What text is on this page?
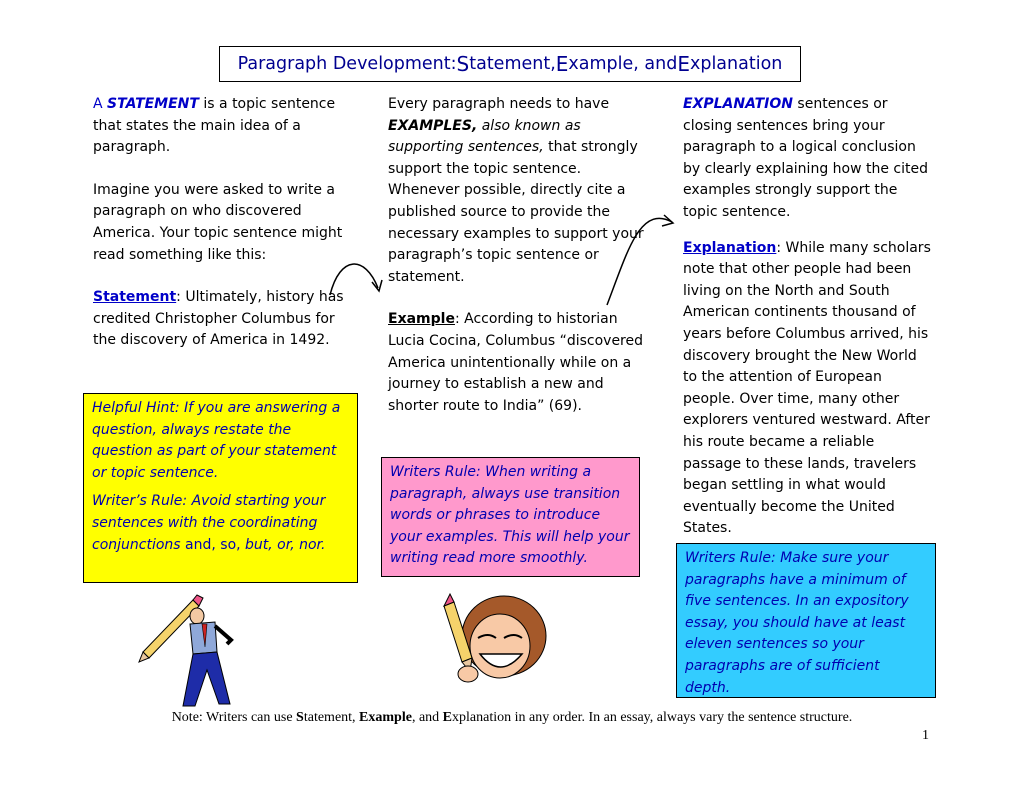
Paragraph Development: S tatement, E xample, and E xplanation

A STATEMENT is a topic sentence that states the main idea of a paragraph.

Imagine you were asked to write a paragraph on who discovered America. Your topic sentence might read something like this:

Statement: Ultimately, history has credited Christopher Columbus for the discovery of America in 1492.

Every paragraph needs to have EXAMPLES, also known as supporting sentences, that strongly support the topic sentence. Whenever possible, directly cite a published source to provide the necessary examples to support your paragraph’s topic sentence or statement.

Example: According to historian Lucia Cocina, Columbus “discovered America unintentionally while on a journey to establish a new and shorter route to India” (69).

EXPLANATION sentences or closing sentences bring your paragraph to a logical conclusion by clearly explaining how the cited examples strongly support the topic sentence.

Explanation: While many scholars note that other people had been living on the North and South American continents thousand of years before Columbus arrived, his discovery brought the New World to the attention of European people. Over time, many other explorers ventured westward. After his route became a reliable passage to these lands, travelers began settling in what would eventually become the United States.

Helpful Hint: If you are answering a question, always restate the question as part of your statement or topic sentence.

Writer’s Rule: Avoid starting your sentences with the coordinating conjunctions and, so, but, or, nor.

Writers Rule: When writing a paragraph, always use transition words or phrases to introduce your examples. This will help your writing read more smoothly.	Writers Rule: Make sure your paragraphs have a minimum of five sentences. In an expository essay, you should have at least eleven sentences so your paragraphs are of sufficient depth.

Note: Writers can use Statement, Example, and Explanation in any order. In an essay, always vary the sentence structure.
1
